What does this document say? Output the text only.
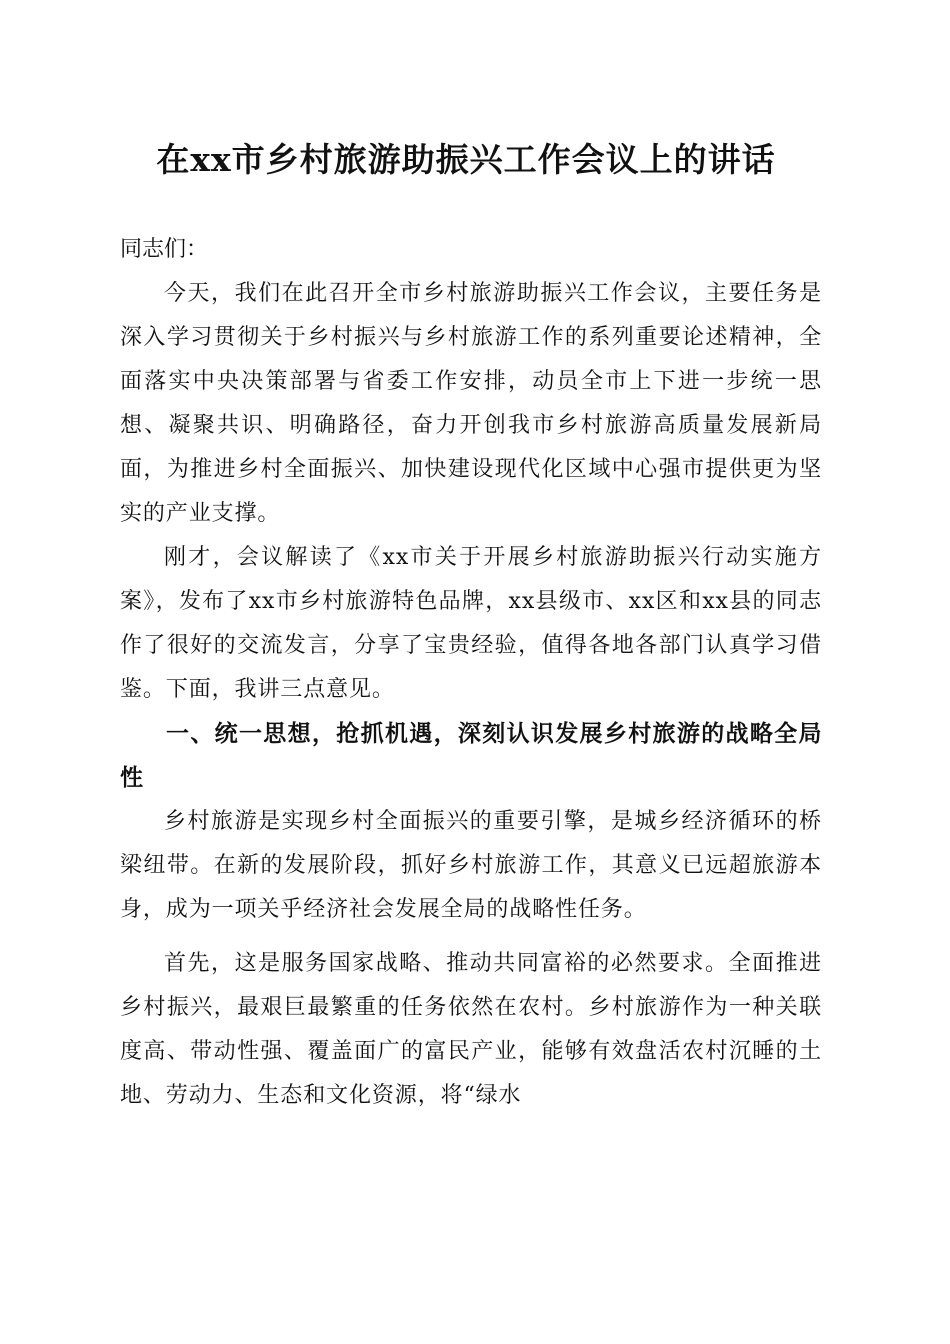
在xx市乡村旅游助振兴工作会议上的讲话

同志们：

今天，我们在此召开全市乡村旅游助振兴工作会议，主要任务是深入学习贯彻关于乡村振兴与乡村旅游工作的系列重要论述精神，全面落实中央决策部署与省委工作安排，动员全市上下进一步统一思想、凝聚共识、明确路径，奋力开创我市乡村旅游高质量发展新局面，为推进乡村全面振兴、加快建设现代化区域中心强市提供更为坚实的产业支撑。

刚才，会议解读了《xx市关于开展乡村旅游助振兴行动实施方案》，发布了xx市乡村旅游特色品牌，xx县级市、xx区和xx县的同志作了很好的交流发言，分享了宝贵经验，值得各地各部门认真学习借鉴。下面，我讲三点意见。

一、统一思想，抢抓机遇，深刻认识发展乡村旅游的战略全局性

乡村旅游是实现乡村全面振兴的重要引擎，是城乡经济循环的桥梁纽带。在新的发展阶段，抓好乡村旅游工作，其意义已远超旅游本身，成为一项关乎经济社会发展全局的战略性任务。

首先，这是服务国家战略、推动共同富裕的必然要求。全面推进乡村振兴，最艰巨最繁重的任务依然在农村。乡村旅游作为一种关联度高、带动性强、覆盖面广的富民产业，能够有效盘活农村沉睡的土地、劳动力、生态和文化资源，将“绿水
